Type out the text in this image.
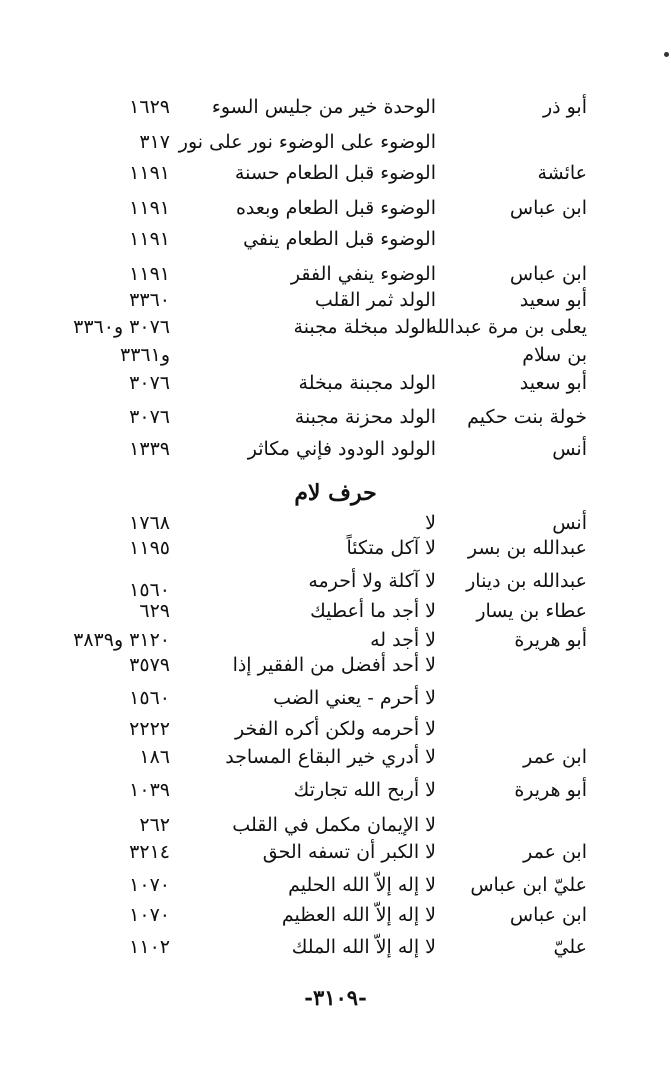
أبو ذر
الوحدة خير من جليس السوء
١٦٢٩
الوضوء على الوضوء نور على نور
٣١٧
عائشة
الوضوء قبل الطعام حسنة
١١٩١
ابن عباس
الوضوء قبل الطعام وبعده
١١٩١
الوضوء قبل الطعام ينفي
١١٩١
ابن عباس
الوضوء ينفي الفقر
١١٩١
أبو سعيد
الولد ثمر القلب
٣٣٦٠
يعلى بن مرة عبدالله
الولد مبخلة مجبنة
٣٠٧٦ و٣٣٦٠
بن سلام
و٣٣٦١
أبو سعيد
الولد مجبنة مبخلة
٣٠٧٦
خولة بنت حكيم
الولد محزنة مجبنة
٣٠٧٦
أنس
الولود الودود فإني مكاثر
١٣٣٩
حرف لام
أنس
لا
١٧٦٨
عبدالله بن بسر
لا آكل متكئاً
١١٩٥
عبدالله بن دينار
لا آكلة ولا أحرمه
١٥٦٠
عطاء بن يسار
لا أجد ما أعطيك
٦٢٩
أبو هريرة
لا أجد له
٣١٢٠ و٣٨٣٩
لا أحد أفضل من الفقير إذا
٣٥٧٩
لا أحرم - يعني الضب
١٥٦٠
لا أحرمه ولكن أكره الفخر
٢٢٢٢
ابن عمر
لا أدري خير البقاع المساجد
١٨٦
أبو هريرة
لا أربح الله تجارتك
١٠٣٩
لا الإيمان مكمل في القلب
٢٦٢
ابن عمر
لا الكبر أن تسفه الحق
٣٢١٤
عليّ ابن عباس
لا إله إلاّ الله الحليم
١٠٧٠
ابن عباس
لا إله إلاّ الله العظيم
١٠٧٠
عليّ
لا إله إلاّ الله الملك
١١٠٢
-٣١٠٩-
